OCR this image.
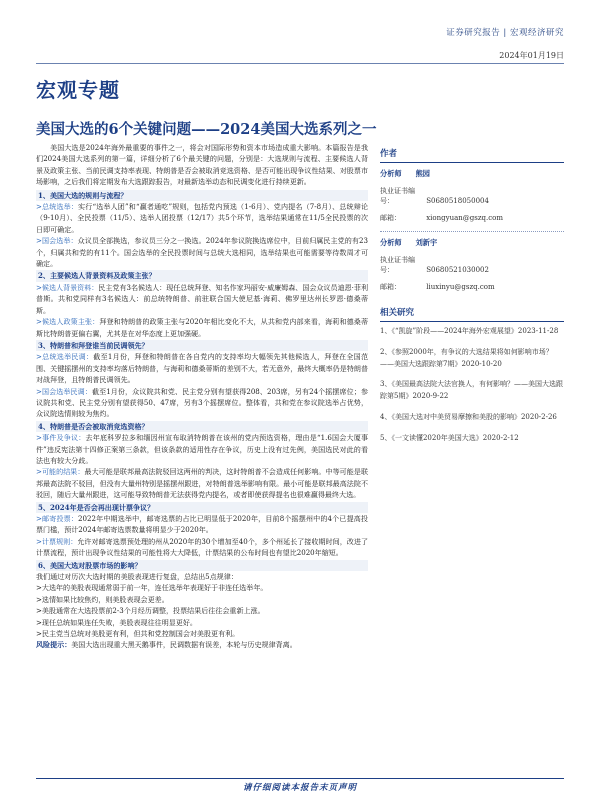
证券研究报告 | 宏观经济研究
2024年01月19日
宏观专题
美国大选的6个关键问题——2024美国大选系列之一

美国大选是2024年海外最重要的事件之一，将会对国际形势和资本市场造成重大影响。本篇报告是我们2024美国大选系列的第一篇，详细分析了6个最关键的问题，分别是：大选规则与流程、主要候选人背景及政策主张、当前民调支持率表现、特朗普是否会被取消竞选资格、是否可能出现争议性结果、对股票市场影响，之后我们将定期发布大选跟踪报告，对最新选举动态和民调变化进行持续更新。

1、美国大选的规则与流程？

>总统选举：实行“选举人团”和“赢者通吃”规则，包括党内预选（1-6月）、党内提名（7-8月）、总统辩论（9-10月）、全民投票（11/5）、选举人团投票（12/17）共5个环节，选举结果通常在11/5全民投票的次日即可确定。

>国会选举：众议员全部换选，参议员三分之一换选。2024年参议院换选席位中，目前归属民主党的有23个，归属共和党的有11个。国会选举的全民投票时间与总统大选相同，选举结果也可能需要等待数周才可确定。

2、主要候选人背景资料及政策主张？

>候选人背景资料：民主党有3名候选人：现任总统拜登、知名作家玛丽安·威廉姆森、国会众议员迪恩·菲利普斯。共和党同样有3名候选人：前总统特朗普、前驻联合国大使尼基·海莉、佛罗里达州长罗恩·德桑蒂斯。

>候选人政策主张：拜登和特朗普的政策主张与2020年相比变化不大，从共和党内部来看，海莉和德桑蒂斯比特朗普更偏右翼，尤其是在对华态度上更加强硬。

3、特朗普和拜登谁当前民调领先？

>总统选举民调：截至1月份，拜登和特朗普在各自党内的支持率均大幅领先其他候选人，拜登在全国范围、关键摇摆州的支持率均落后特朗普，与海莉和德桑蒂斯的差别不大，若无意外，最终大概率仍是特朗普对战拜登，且特朗普民调领先。

>国会选举民调：截至1月份，众议院共和党、民主党分别有望获得208、203席，另有24个摇摆席位；参议院共和党、民主党分别有望获得50、47席，另有3个摇摆席位。整体看，共和党在参议院选举占优势，众议院选情则较为焦灼。

4、特朗普是否会被取消竞选资格？

>事件及争议：去年底科罗拉多和缅因州宣布取消特朗普在该州的党内预选资格，理由是“1.6国会大厦事件”违反宪法第十四修正案第三条款，但该条款的适用性存在争议，历史上没有过先例，美国选民对此的看法也有较大分歧。

>可能的结果：最大可能是联邦最高法院驳回这两州的判决，这时特朗普不会造成任何影响。中等可能是联邦最高法院不驳回，但没有大量州特别是摇摆州跟进，对特朗普选举影响有限。最小可能是联邦最高法院不驳回，随后大量州跟进，这可能导致特朗普无法获得党内提名，或者即使获得提名也很难赢得最终大选。

5、2024年是否会再出现计票争议？

>邮寄投票：2022年中期选举中，邮寄选票的占比已明显低于2020年，目前8个摇摆州中的4个已提高投票门槛，预计2024年邮寄选票数量将明显少于2020年。

>计票规则：允许对邮寄选票预处理的州从2020年的30个增加至40个，多个州延长了接收期时间，改进了计票流程，预计出现争议性结果的可能性将大大降低，计票结果的公布时间也有望比2020年缩短。

6、美国大选对股票市场的影响？

我们通过对历次大选时期的美股表现进行复盘，总结出5点规律：

>大选年的美股表现通常弱于前一年，连任选举年表现好于非连任选举年。

>选情如果比较焦灼，则美股表现会更差。

>美股通常在大选投票前2-3个月经历调整，投票结果后往往会重新上涨。

>现任总统如果连任失败，美股表现往往明显更好。

>民主党当总统对美股更有利，但共和党控制国会对美股更有利。

风险提示：美国大选出现重大黑天鹅事件，民调数据有误差，本轮与历史规律背离。

作者
分析师 熊园
执业证书编号：	S0680518050004
邮箱：	xiongyuan@gszq.com
分析师 刘新宇
执业证书编号：	S0680521030002
邮箱：	liuxinyu@gszq.com
相关研究
1、《“凯旋”阶段——2024年海外宏观展望》2023-11-28
2、《参照2000年，有争议的大选结果将如何影响市场？——美国大选跟踪第7期》2020-10-20
3、《美国最高法院大法官换人，有何影响？——美国大选跟踪第5期》2020-9-22
4、《美国大选对中美贸易摩擦和美股的影响》2020-2-26
5、《一文读懂2020年美国大选》2020-2-12
请仔细阅读本报告末页声明
